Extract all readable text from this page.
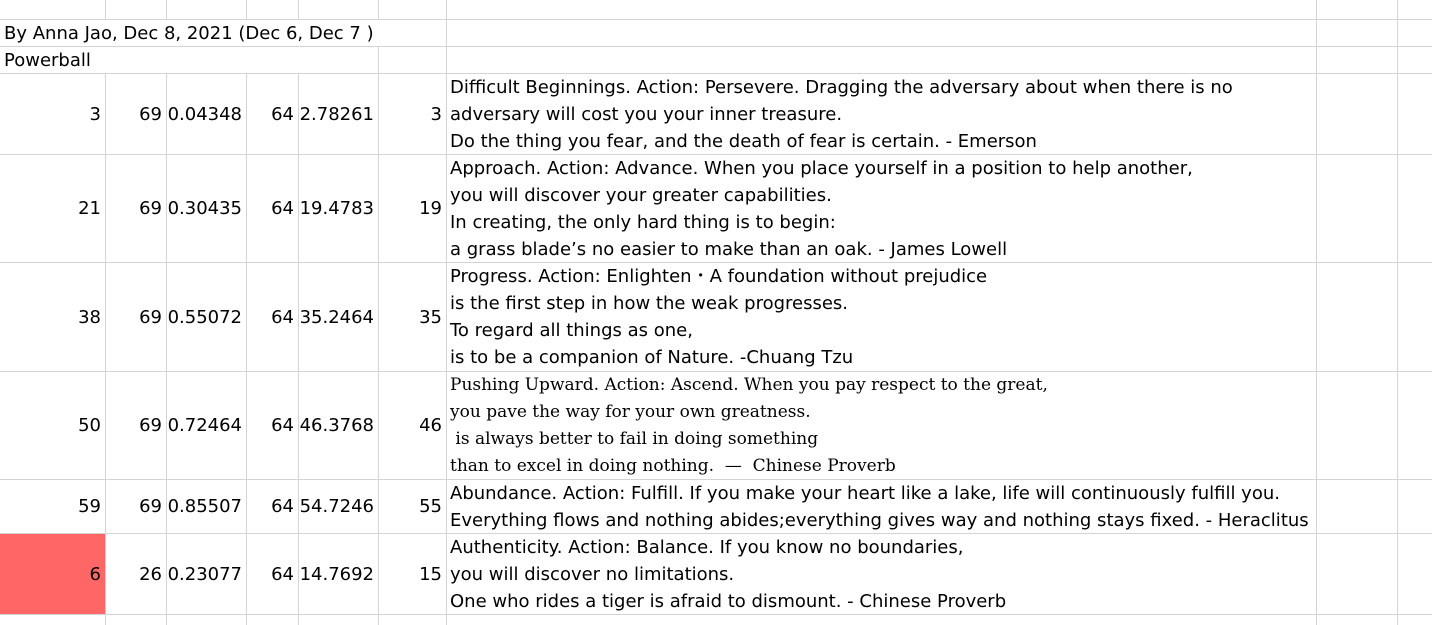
By Anna Jao, Dec 8, 2021 (Dec 6, Dec 7 )
Powerball
3	69 0.04348	64 2.78261	3
Difficult Beginnings. Action: Persevere. Dragging the adversary about when there is no
adversary will cost you your inner treasure.
Do the thing you fear, and the death of fear is certain. - Emerson
21	69 0.30435	64 19.4783	19
Approach. Action: Advance. When you place yourself in a position to help another,
you will discover your greater capabilities.
In creating, the only hard thing is to begin:
a grass blade’s no easier to make than an oak. - James Lowell
38	69 0.55072	64 35.2464	35
Progress. Action: Enlighten・A foundation without prejudice
is the first step in how the weak progresses.
To regard all things as one,
is to be a companion of Nature. -Chuang Tzu
50	69 0.72464	64 46.3768	46
Pushing Upward. Action: Ascend. When you pay respect to the great,
you pave the way for your own greatness.
is always better to fail in doing something
than to excel in doing nothing.  —  Chinese Proverb
59	69 0.85507	64 54.7246	55
Abundance. Action: Fulfill. If you make your heart like a lake, life will continuously fulfill you.
Everything flows and nothing abides;everything gives way and nothing stays fixed. - Heraclitus
6	26 0.23077	64 14.7692	15
Authenticity. Action: Balance. If you know no boundaries,
you will discover no limitations.
One who rides a tiger is afraid to dismount. - Chinese Proverb
